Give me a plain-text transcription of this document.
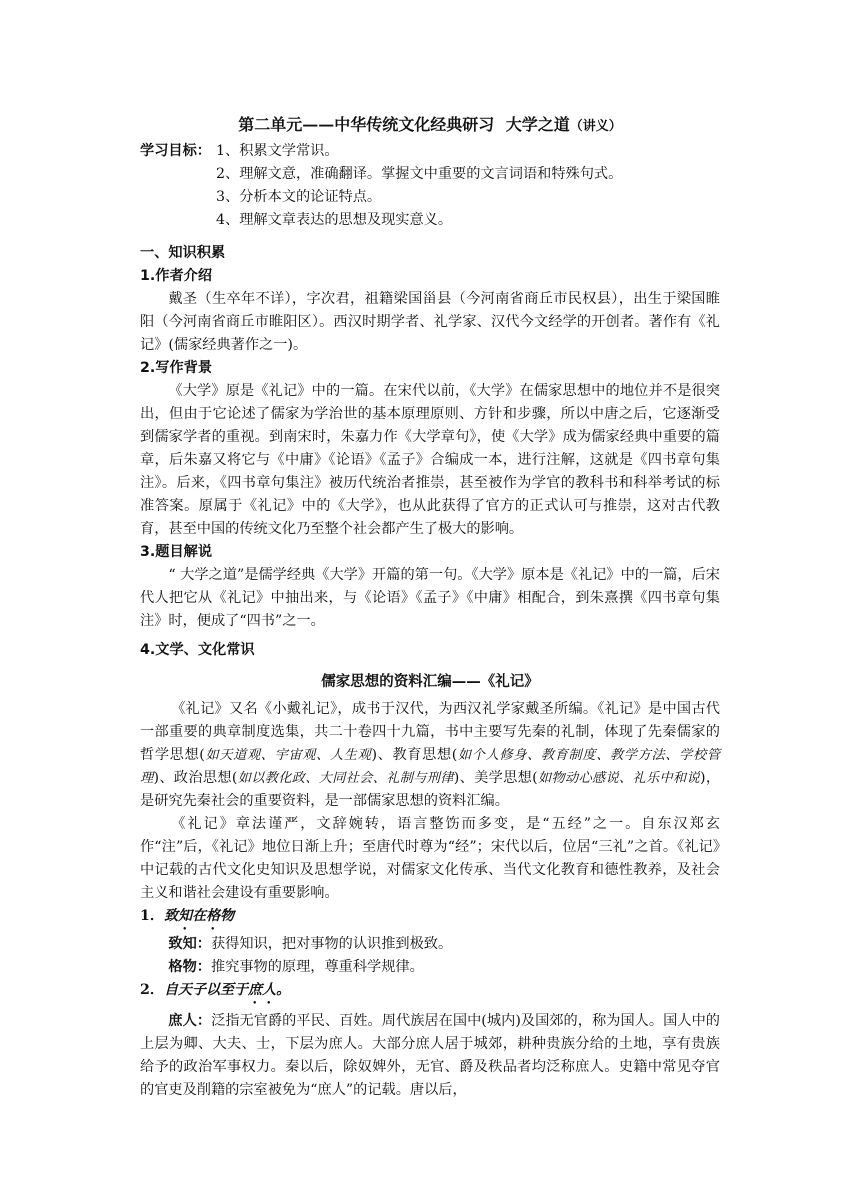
第二单元——中华传统文化经典研习 大学之道（讲义）

学习目标： 1、积累文学常识。
2、理解文意，准确翻译。掌握文中重要的文言词语和特殊句式。
3、分析本文的论证特点。
4、理解文章表达的思想及现实意义。

一、知识积累

1.作者介绍

戴圣（生卒年不详），字次君，祖籍梁国甾县（今河南省商丘市民权县），出生于梁国睢阳（今河南省商丘市睢阳区）。西汉时期学者、礼学家、汉代今文经学的开创者。著作有《礼记》(儒家经典著作之一)。

2.写作背景

《大学》原是《礼记》中的一篇。在宋代以前，《大学》在儒家思想中的地位并不是很突出，但由于它论述了儒家为学治世的基本原理原则、方针和步骤，所以中唐之后，它逐渐受到儒家学者的重视。到南宋时，朱嘉力作《大学章句》，使《大学》成为儒家经典中重要的篇章，后朱嘉又将它与《中庸》《论语》《孟子》合编成一本，进行注解，这就是《四书章句集注》。后来，《四书章句集注》被历代统治者推崇，甚至被作为学官的教科书和科举考试的标准答案。原属于《礼记》中的《大学》，也从此获得了官方的正式认可与推崇，这对古代教育，甚至中国的传统文化乃至整个社会都产生了极大的影响。

3.题目解说

“ 大学之道”是儒学经典《大学》开篇的第一句。《大学》原本是《礼记》中的一篇，后宋代人把它从《礼记》中抽出来，与《论语》《孟子》《中庸》相配合，到朱熹撰《四书章句集注》时，便成了“四书”之一。

4.文学、文化常识

儒家思想的资料汇编——《礼记》

《礼记》又名《小戴礼记》，成书于汉代，为西汉礼学家戴圣所编。《礼记》是中国古代一部重要的典章制度选集，共二十卷四十九篇，书中主要写先秦的礼制，体现了先秦儒家的哲学思想(如天道观、宇宙观、人生观)、教育思想(如个人修身、教育制度、教学方法、学校管理)、政治思想(如以教化政、大同社会、礼制与刑律)、美学思想(如物动心感说、礼乐中和说)，是研究先秦社会的重要资料，是一部儒家思想的资料汇编。

《礼记》章法谨严，文辞婉转，语言整饬而多变，是“五经”之一。自东汉郑玄作“注”后，《礼记》地位日渐上升；至唐代时尊为“经”；宋代以后，位居“三礼”之首。《礼记》中记载的古代文化史知识及思想学说，对儒家文化传承、当代文化教育和德性教养，及社会主义和谐社会建设有重要影响。

1．致知在格物

致知：获得知识，把对事物的认识推到极致。

格物：推究事物的原理，尊重科学规律。

2．自天子以至于庶人。

庶人：泛指无官爵的平民、百姓。周代族居在国中(城内)及国郊的，称为国人。国人中的上层为卿、大夫、士，下层为庶人。大部分庶人居于城郊，耕种贵族分给的土地，享有贵族给予的政治军事权力。秦以后，除奴婢外，无官、爵及秩品者均泛称庶人。史籍中常见夺官的官吏及削籍的宗室被免为“庶人”的记载。唐以后，
